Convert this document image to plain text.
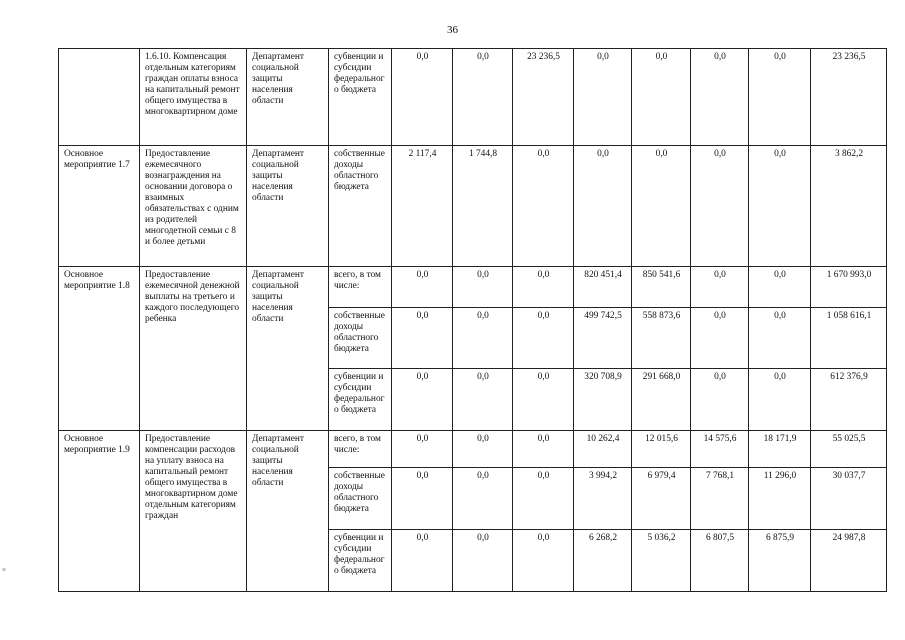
36
≡
	1.6.10. Компенсация отдельным категориям граждан оплаты взноса на капитальный ремонт общего имущества в многоквартирном доме	Департамент социальной защиты населения области	субвенции и субсидии федерального бюджета	0,0	0,0	23 236,5	0,0	0,0	0,0	0,0	23 236,5
Основное мероприятие 1.7	Предоставление ежемесячного вознаграждения на основании договора о взаимных обязательствах с одним из родителей многодетной семьи с 8 и более детьми	Департамент социальной защиты населения области	собственные доходы областного бюджета	2 117,4	1 744,8	0,0	0,0	0,0	0,0	0,0	3 862,2
Основное мероприятие 1.8	Предоставление ежемесячной денежной выплаты на третьего и каждого последующего ребенка	Департамент социальной защиты населения области	всего, в том числе:	0,0	0,0	0,0	820 451,4	850 541,6	0,0	0,0	1 670 993,0
			собственные доходы областного бюджета	0,0	0,0	0,0	499 742,5	558 873,6	0,0	0,0	1 058 616,1
			субвенции и субсидии федерального бюджета	0,0	0,0	0,0	320 708,9	291 668,0	0,0	0,0	612 376,9
Основное мероприятие 1.9	Предоставление компенсации расходов на уплату взноса на капитальный ремонт общего имущества в многоквартирном доме отдельным категориям граждан	Департамент социальной защиты населения области	всего, в том числе:	0,0	0,0	0,0	10 262,4	12 015,6	14 575,6	18 171,9	55 025,5
			собственные доходы областного бюджета	0,0	0,0	0,0	3 994,2	6 979,4	7 768,1	11 296,0	30 037,7
			субвенции и субсидии федерального бюджета	0,0	0,0	0,0	6 268,2	5 036,2	6 807,5	6 875,9	24 987,8
